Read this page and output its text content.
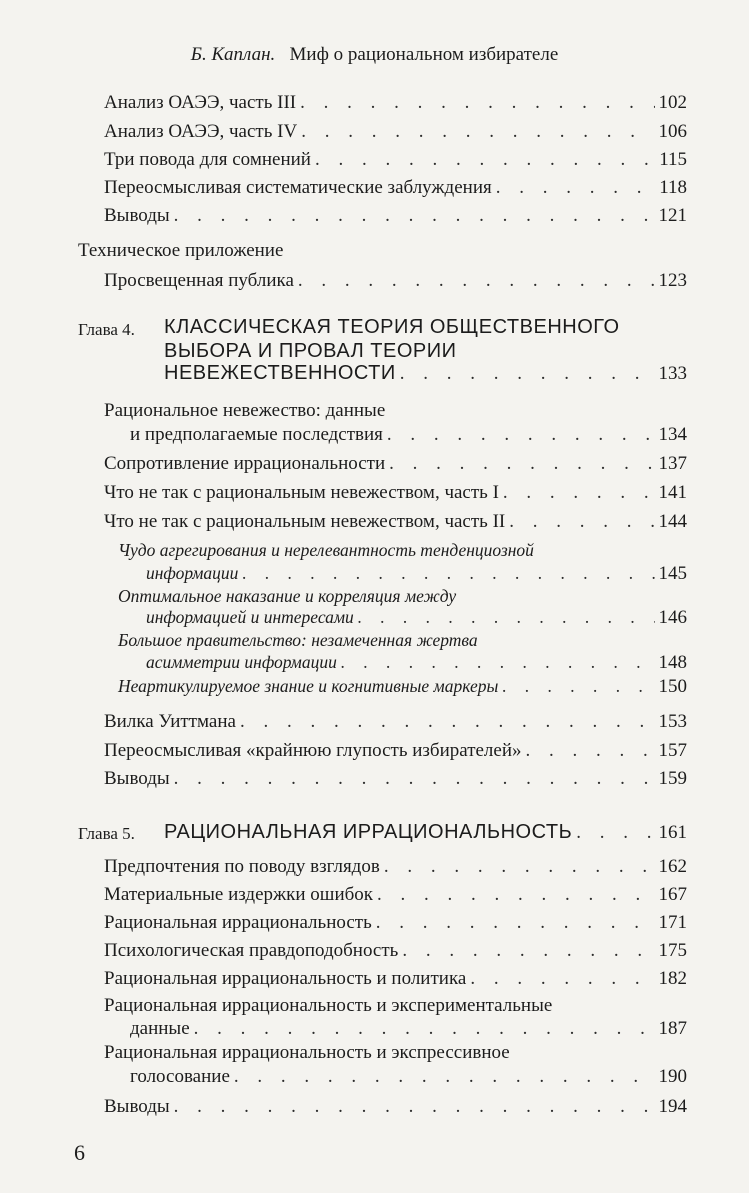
Б. Каплан. Миф о рациональном избирателе
Анализ ОАЭЭ, часть III . . .	102
Анализ ОАЭЭ, часть IV . . .	106
Три повода для сомнений . . .	115
Переосмысливая систематические заблуждения . . .	118
Выводы . . .	121
Техническое приложение
Просвещенная публика . . .	123
Глава 4. КЛАССИЧЕСКАЯ ТЕОРИЯ ОБЩЕСТВЕННОГО
ВЫБОРА И ПРОВАЛ ТЕОРИИ
НЕВЕЖЕСТВЕННОСТИ . . .	133
Рациональное невежество: данные
и предполагаемые последствия . . .	134
Сопротивление иррациональности . . .	137
Что не так с рациональным невежеством, часть I . . .	141
Что не так с рациональным невежеством, часть II . . .	144
Чудо агрегирования и нерелевантность тенденциозной
информации . . .	145
Оптимальное наказание и корреляция между
информацией и интересами . . .	146
Большое правительство: незамеченная жертва
асимметрии информации . . .	148
Неартикулируемое знание и когнитивные маркеры . . .	150
Вилка Уиттмана . . .	153
Переосмысливая «крайнюю глупость избирателей» . . .	157
Выводы . . .	159
Глава 5. РАЦИОНАЛЬНАЯ ИРРАЦИОНАЛЬНОСТЬ . . .	161
Предпочтения по поводу взглядов . . .	162
Материальные издержки ошибок . . .	167
Рациональная иррациональность . . .	171
Психологическая правдоподобность . . .	175
Рациональная иррациональность и политика . . .	182
Рациональная иррациональность и экспериментальные
данные . . .	187
Рациональная иррациональность и экспрессивное
голосование . . .	190
Выводы . . .	194
6
